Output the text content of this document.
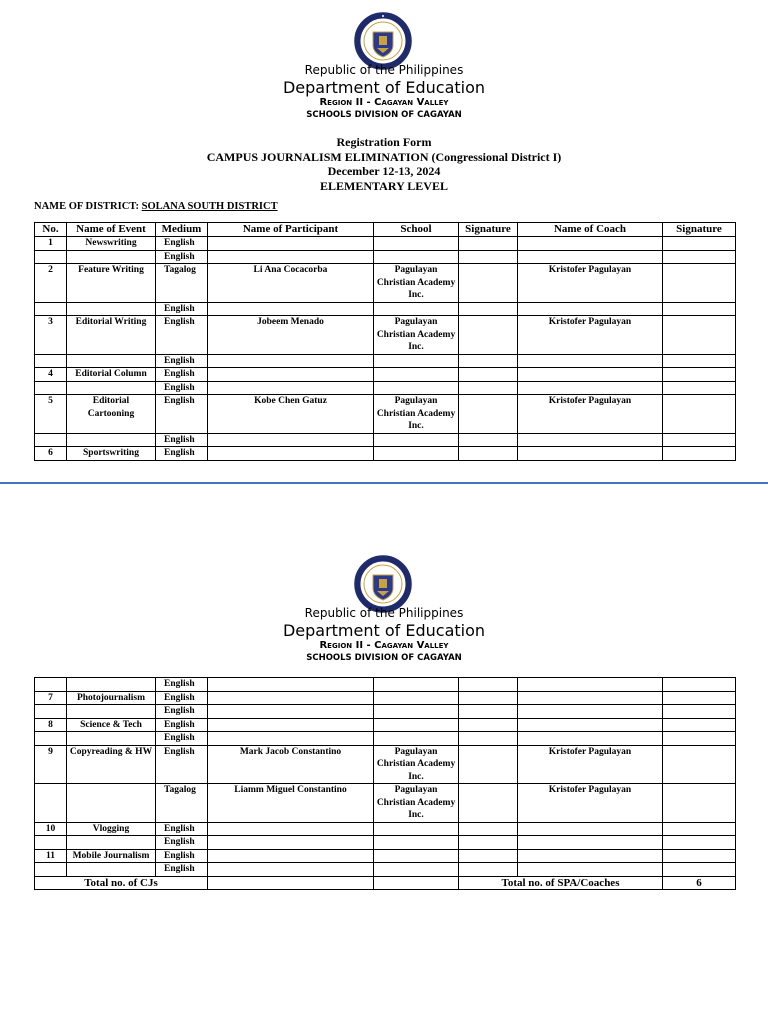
Republic of the Philippines
Department of Education
Region II - Cagayan Valley
SCHOOLS DIVISION OF CAGAYAN
Registration Form
CAMPUS JOURNALISM ELIMINATION (Congressional District I)
December 12-13, 2024
ELEMENTARY LEVEL
NAME OF DISTRICT: SOLANA SOUTH DISTRICT
No.	Name of Event	Medium	Name of Participant	School	Signature	Name of Coach	Signature
1	Newswriting	English					
		English					
2	Feature Writing	Tagalog	Li Ana Cocacorba	Pagulayan Christian Academy Inc.		Kristofer Pagulayan	
		English					
3	Editorial Writing	English	Jobeem Menado	Pagulayan Christian Academy Inc.		Kristofer Pagulayan	
		English					
4	Editorial Column	English					
		English					
5	Editorial Cartooning	English	Kobe Chen Gatuz	Pagulayan Christian Academy Inc.		Kristofer Pagulayan	
		English					
6	Sportswriting	English					
Republic of the Philippines
Department of Education
Region II - Cagayan Valley
SCHOOLS DIVISION OF CAGAYAN
		English					
7	Photojournalism	English					
		English					
8	Science & Tech	English					
		English					
9	Copyreading & HW	English	Mark Jacob Constantino	Pagulayan Christian Academy Inc.		Kristofer Pagulayan	
		Tagalog	Liamm Miguel Constantino	Pagulayan Christian Academy Inc.		Kristofer Pagulayan	
10	Vlogging	English					
		English					
11	Mobile Journalism	English					
		English					
Total no. of CJs					Total no. of SPA/Coaches		6
